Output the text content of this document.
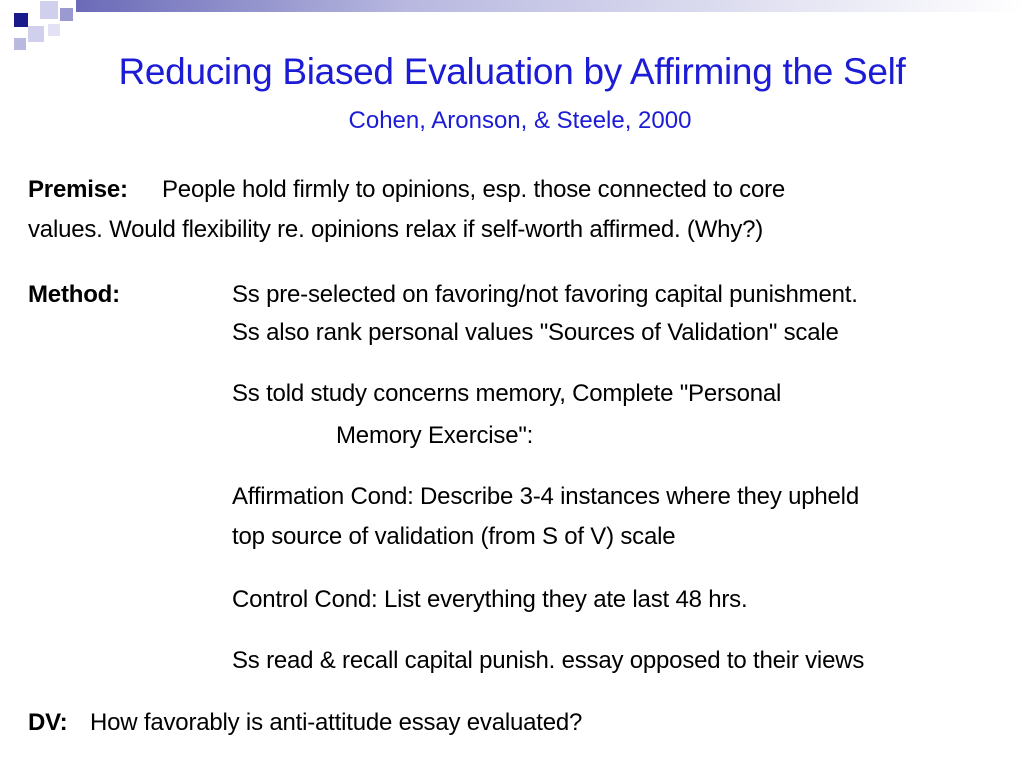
Reducing Biased Evaluation by Affirming the Self
Cohen, Aronson, & Steele, 2000
Premise: People hold firmly to opinions, esp. those connected to core
values. Would flexibility re. opinions relax if self-worth affirmed. (Why?)
Method:	Ss pre-selected on favoring/not favoring capital punishment.
Ss also rank personal values "Sources of Validation" scale
Ss told study concerns memory, Complete "Personal
Memory Exercise":
Affirmation Cond: Describe 3-4 instances where they upheld
top source of validation (from S of V) scale
Control Cond: List everything they ate last 48 hrs.
Ss read & recall capital punish. essay opposed to their views
DV: How favorably is anti-attitude essay evaluated?
